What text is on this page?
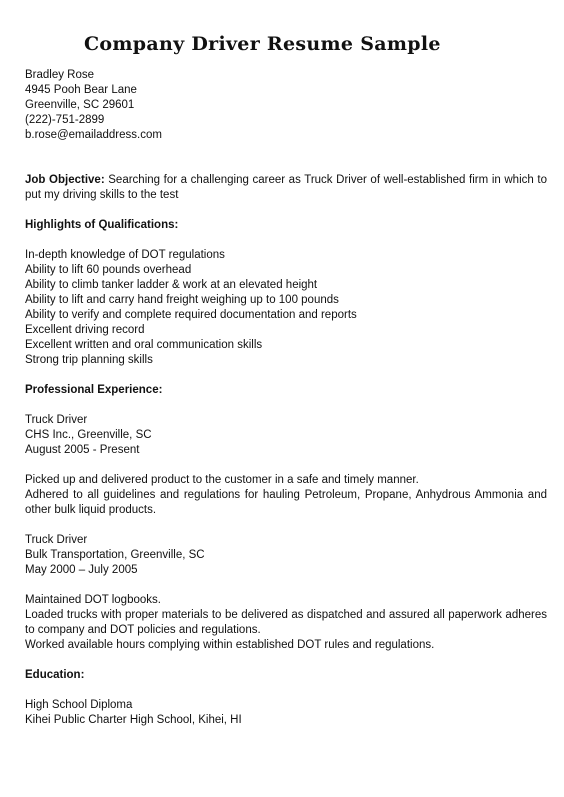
Company Driver Resume Sample
Bradley Rose
4945 Pooh Bear Lane
Greenville, SC 29601
(222)-751-2899
b.rose@emailaddress.com
Job Objective: Searching for a challenging career as Truck Driver of well-established firm in which to put my driving skills to the test
Highlights of Qualifications:
In-depth knowledge of DOT regulations
Ability to lift 60 pounds overhead
Ability to climb tanker ladder & work at an elevated height
Ability to lift and carry hand freight weighing up to 100 pounds
Ability to verify and complete required documentation and reports
Excellent driving record
Excellent written and oral communication skills
Strong trip planning skills
Professional Experience:
Truck Driver
CHS Inc., Greenville, SC
August 2005 - Present
Picked up and delivered product to the customer in a safe and timely manner.
Adhered to all guidelines and regulations for hauling Petroleum, Propane, Anhydrous Ammonia and other bulk liquid products.
Truck Driver
Bulk Transportation, Greenville, SC
May 2000 – July 2005
Maintained DOT logbooks.
Loaded trucks with proper materials to be delivered as dispatched and assured all paperwork adheres to company and DOT policies and regulations.
Worked available hours complying within established DOT rules and regulations.
Education:
High School Diploma
Kihei Public Charter High School, Kihei, HI
